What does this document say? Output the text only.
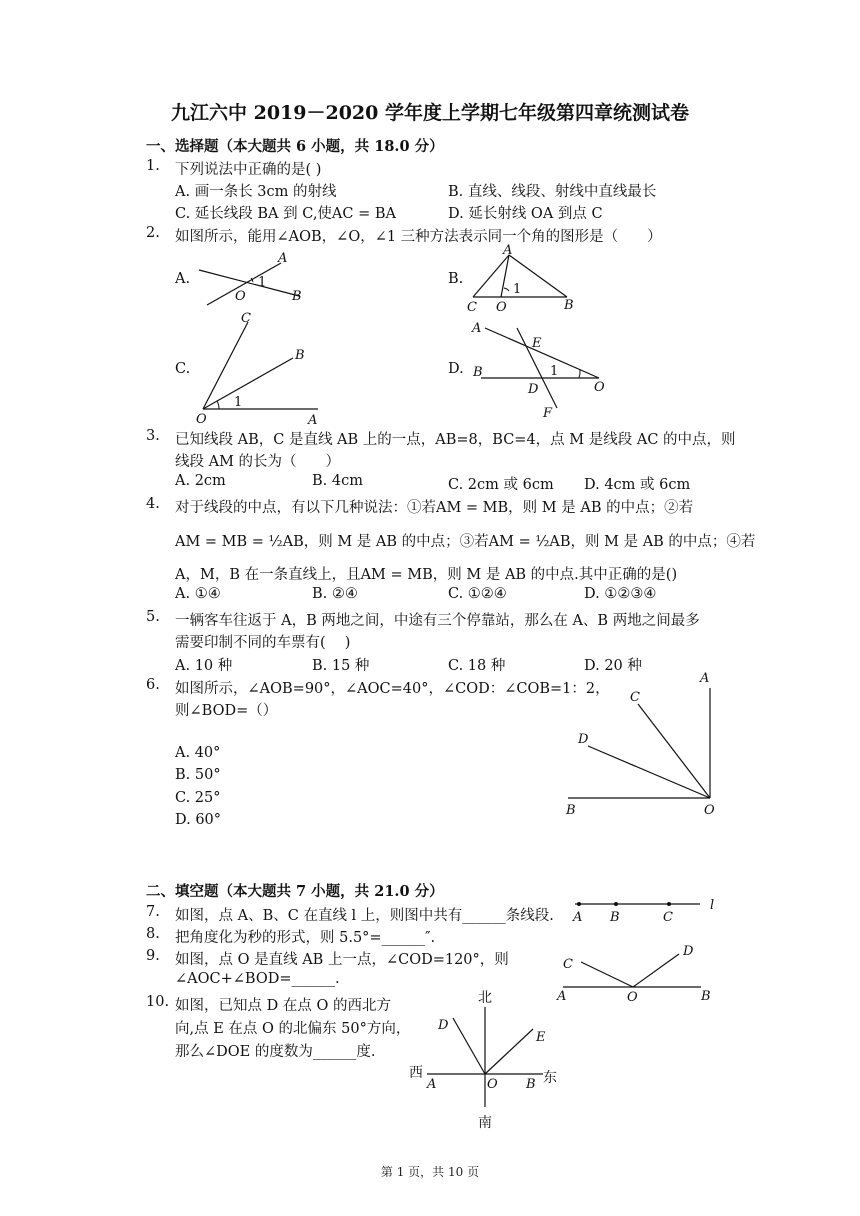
九江六中 2019－2020 学年度上学期七年级第四章统测试卷
一、选择题（本大题共 6 小题，共 18.0 分）
1. 下列说法中正确的是( )
A. 画一条长 3cm 的射线	B. 直线、线段、射线中直线最长
C. 延长线段 BA 到 C,使AC = BA	D. 延长射线 OA 到点 C
2. 如图所示，能用∠AOB，∠O，∠1 三种方法表示同一个角的图形是（　　）
A.	B.
C.	D.
A
B
O
1
A
C O	B
1
C
B
O	A
1
A
E
B
D	O
F
1
3. 已知线段 AB，C 是直线 AB 上的一点，AB=8，BC=4，点 M 是线段 AC 的中点，则
线段 AM 的长为（　　）
A. 2cm	B. 4cm	C. 2cm 或 6cm D. 4cm 或 6cm
4. 对于线段的中点，有以下几种说法：①若AM = MB，则 M 是 AB 的中点；②若
AM = MB = ½AB，则 M 是 AB 的中点；③若AM = ½AB，则 M 是 AB 的中点；④若
A，M，B 在一条直线上，且AM = MB，则 M 是 AB 的中点.其中正确的是()
A. ①④	B. ②④	C. ①②④	D. ①②③④
5. 一辆客车往返于 A，B 两地之间，中途有三个停靠站，那么在 A、B 两地之间最多
需要印制不同的车票有(　 )
A. 10 种	B. 15 种	C. 18 种	D. 20 种
6. 如图所示，∠AOB=90°，∠AOC=40°，∠COD：∠COB=1：2，
则∠BOD=（）
A. 40°
B. 50°
C. 25°
D. 60°
A
C
D
B	O
二、填空题（本大题共 7 小题，共 21.0 分）
7. 如图，点 A、B、C 在直线 l 上，则图中共有______条线段. A B	C
l
8. 把角度化为秒的形式，则 5.5°=______″.
9. 如图，点 O 是直线 AB 上一点，∠COD=120°，则
∠AOC+∠BOD=______.
A
C
D
O	B
10. 如图，已知点 D 在点 O 的西北方
向,点 E 在点 O 的北偏东 50°方向，
那么∠DOE 的度数为______度.
北
南
西	东
D
E
A	O B
第 1 页，共 10 页
